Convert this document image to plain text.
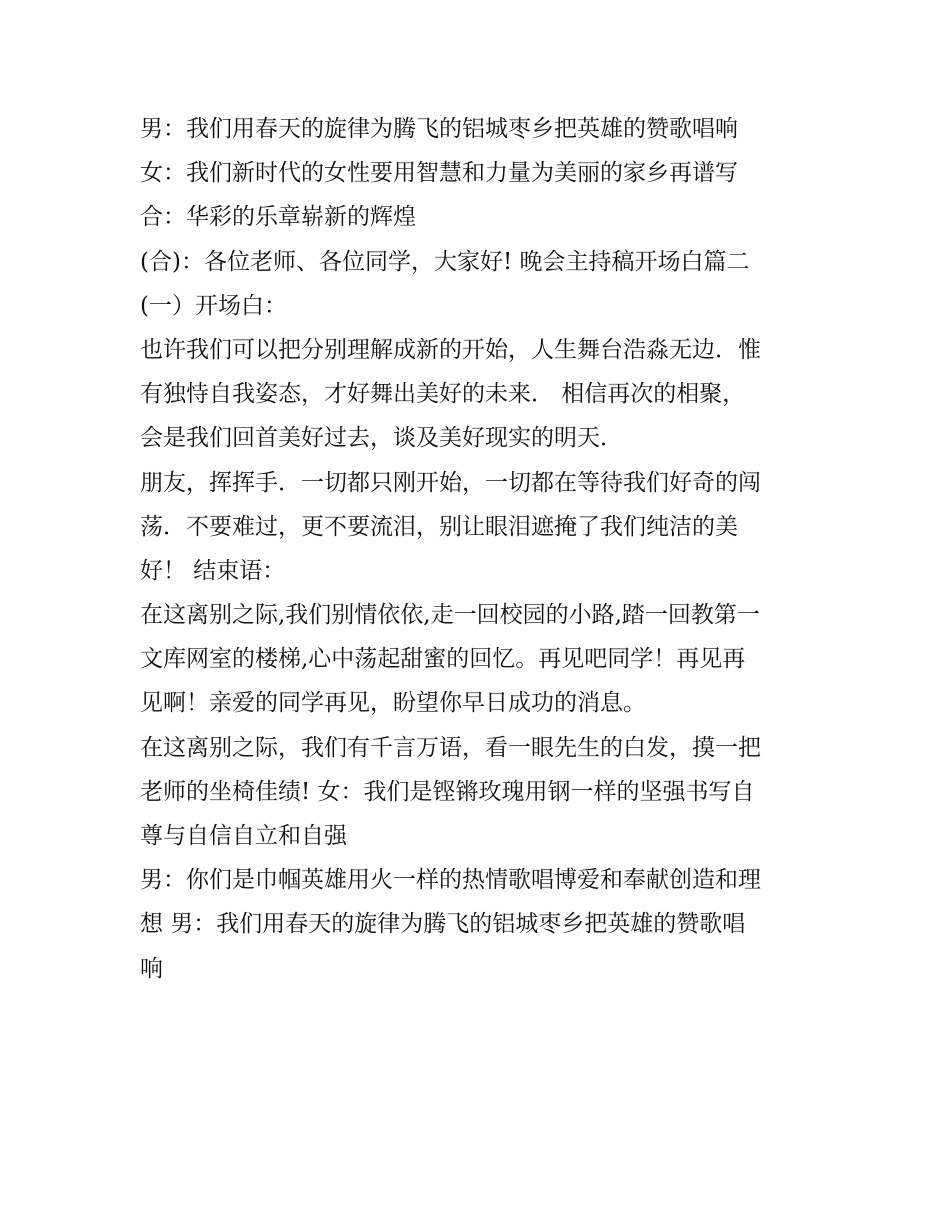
男：我们用春天的旋律为腾飞的铝城枣乡把英雄的赞歌唱响

女：我们新时代的女性要用智慧和力量为美丽的家乡再谱写

合：华彩的乐章崭新的辉煌

(合)：各位老师、各位同学，大家好! 晚会主持稿开场白篇二

(一）开场白：

也许我们可以把分别理解成新的开始，人生舞台浩淼无边．惟

有独恃自我姿态，才好舞出美好的未来． 相信再次的相聚，

会是我们回首美好过去，谈及美好现实的明天．

朋友，挥挥手．一切都只刚开始，一切都在等待我们好奇的闯

荡．不要难过，更不要流泪，别让眼泪遮掩了我们纯洁的美

好！ 结束语：

在这离别之际,我们别情依依,走一回校园的小路,踏一回教第一

文库网室的楼梯,心中荡起甜蜜的回忆。再见吧同学！再见再

见啊！亲爱的同学再见，盼望你早日成功的消息。

在这离别之际，我们有千言万语，看一眼先生的白发，摸一把

老师的坐椅佳绩! 女：我们是铿锵玫瑰用钢一样的坚强书写自

尊与自信自立和自强

男：你们是巾帼英雄用火一样的热情歌唱博爱和奉献创造和理

想 男：我们用春天的旋律为腾飞的铝城枣乡把英雄的赞歌唱

响
